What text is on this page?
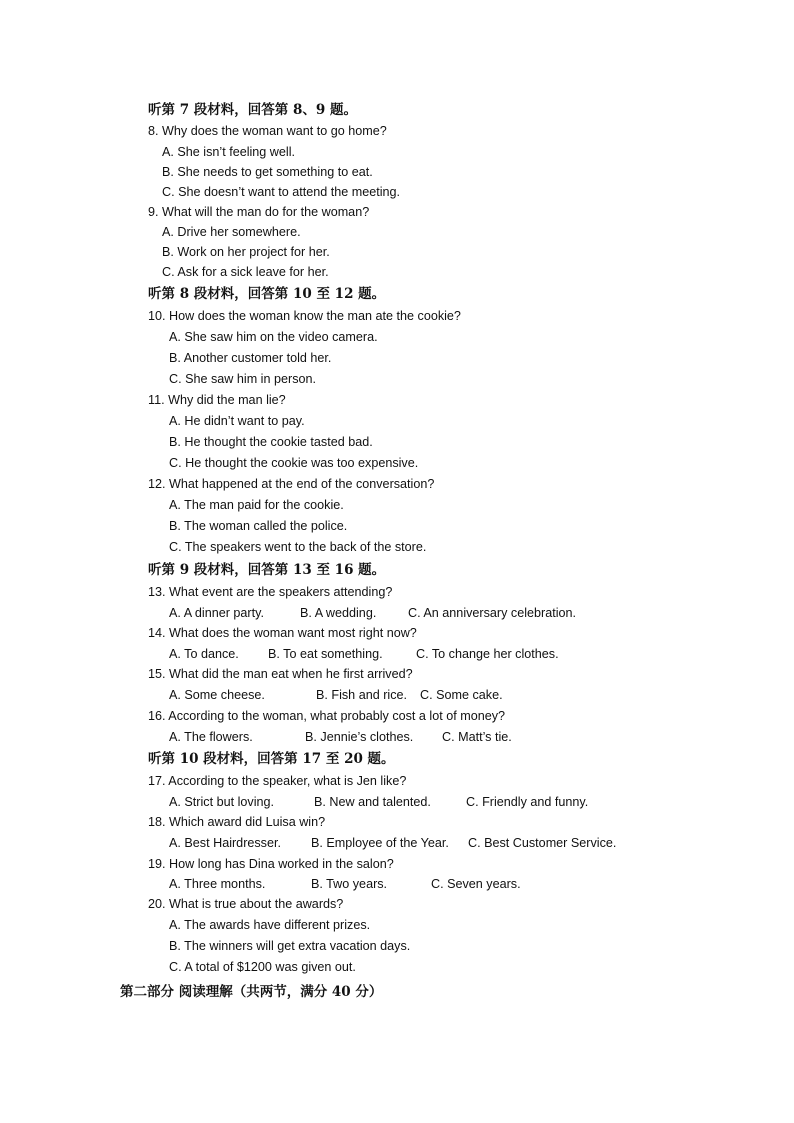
听第 7 段材料，回答第 8、9 题。
8. Why does the woman want to go home?
A. She isn’t feeling well.
B. She needs to get something to eat.
C. She doesn’t want to attend the meeting.
9. What will the man do for the woman?
A. Drive her somewhere.
B. Work on her project for her.
C. Ask for a sick leave for her.
听第 8 段材料，回答第 10 至 12 题。
10. How does the woman know the man ate the cookie?
A. She saw him on the video camera.
B. Another customer told her.
C. She saw him in person.
11. Why did the man lie?
A. He didn’t want to pay.
B. He thought the cookie tasted bad.
C. He thought the cookie was too expensive.
12. What happened at the end of the conversation?
A. The man paid for the cookie.
B. The woman called the police.
C. The speakers went to the back of the store.
听第 9 段材料，回答第 13 至 16 题。
13. What event are the speakers attending?
A. A dinner party.	B. A wedding.	C. An anniversary celebration.
14. What does the woman want most right now?
A. To dance. B. To eat something.	C. To change her clothes.
15. What did the man eat when he first arrived?
A. Some cheese.	B. Fish and rice. C. Some cake.
16. According to the woman, what probably cost a lot of money?
A. The flowers.	B. Jennie’s clothes. C. Matt’s tie.
听第 10 段材料，回答第 17 至 20 题。
17. According to the speaker, what is Jen like?
A. Strict but loving.	B. New and talented.	C. Friendly and funny.
18. Which award did Luisa win?
A. Best Hairdresser. B. Employee of the Year. C. Best Customer Service.
19. How long has Dina worked in the salon?
A. Three months.	B. Two years.	C. Seven years.
20. What is true about the awards?
A. The awards have different prizes.
B. The winners will get extra vacation days.
C. A total of $1200 was given out.
第二部分 阅读理解（共两节，满分 40 分）
